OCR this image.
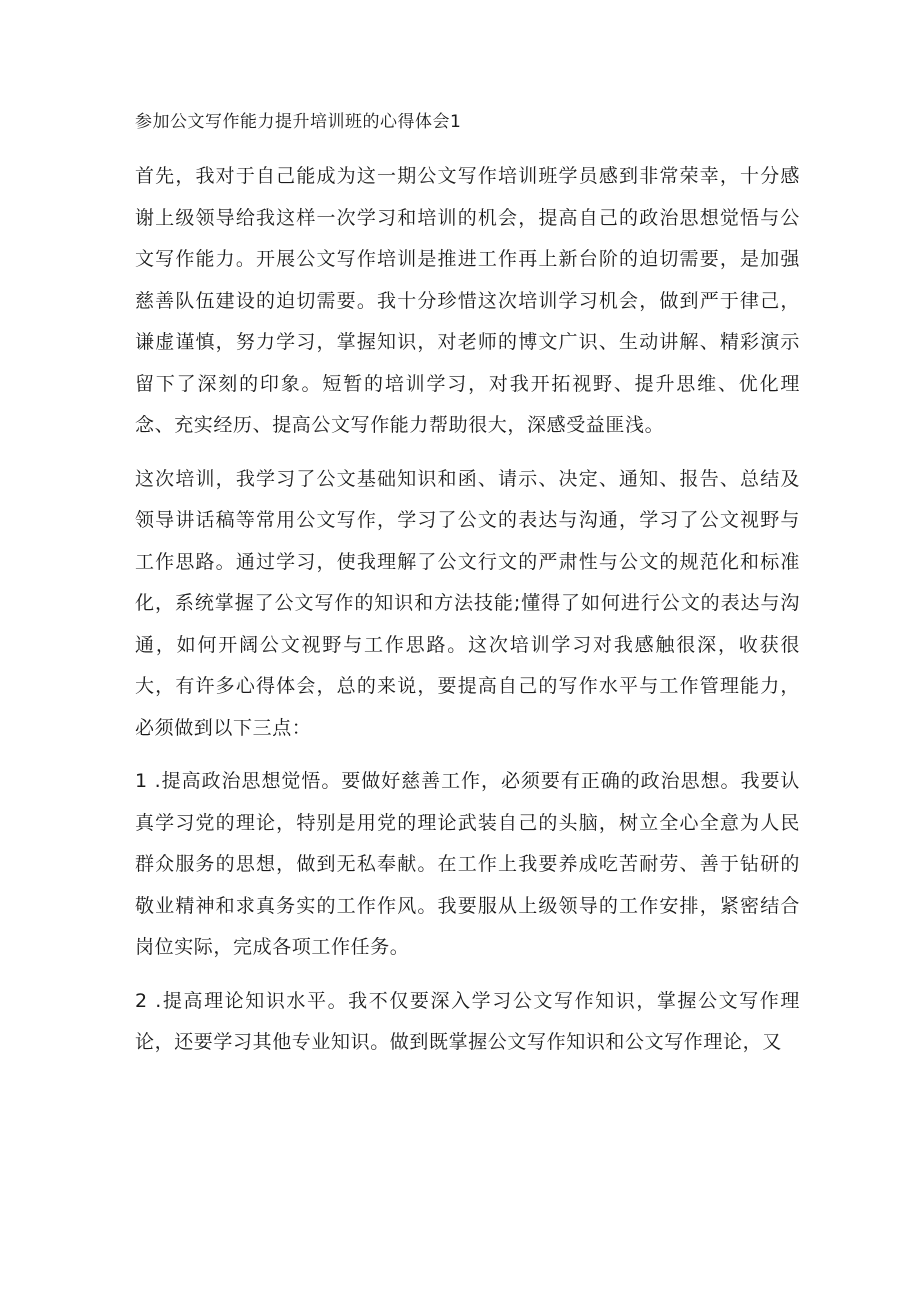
参加公文写作能力提升培训班的心得体会1

首先，我对于自己能成为这一期公文写作培训班学员感到非常荣幸，十分感谢上级领导给我这样一次学习和培训的机会，提高自己的政治思想觉悟与公文写作能力。开展公文写作培训是推进工作再上新台阶的迫切需要，是加强慈善队伍建设的迫切需要。我十分珍惜这次培训学习机会，做到严于律己，谦虚谨慎，努力学习，掌握知识，对老师的博文广识、生动讲解、精彩演示留下了深刻的印象。短暂的培训学习，对我开拓视野、提升思维、优化理念、充实经历、提高公文写作能力帮助很大，深感受益匪浅。

这次培训，我学习了公文基础知识和函、请示、决定、通知、报告、总结及领导讲话稿等常用公文写作，学习了公文的表达与沟通，学习了公文视野与工作思路。通过学习，使我理解了公文行文的严肃性与公文的规范化和标准化，系统掌握了公文写作的知识和方法技能;懂得了如何进行公文的表达与沟通，如何开阔公文视野与工作思路。这次培训学习对我感触很深，收获很大，有许多心得体会，总的来说，要提高自己的写作水平与工作管理能力，必须做到以下三点：

1 .提高政治思想觉悟。要做好慈善工作，必须要有正确的政治思想。我要认真学习党的理论，特别是用党的理论武装自己的头脑，树立全心全意为人民群众服务的思想，做到无私奉献。在工作上我要养成吃苦耐劳、善于钻研的敬业精神和求真务实的工作作风。我要服从上级领导的工作安排，紧密结合岗位实际，完成各项工作任务。

2 .提高理论知识水平。我不仅要深入学习公文写作知识，掌握公文写作理论，还要学习其他专业知识。做到既掌握公文写作知识和公文写作理论，又
